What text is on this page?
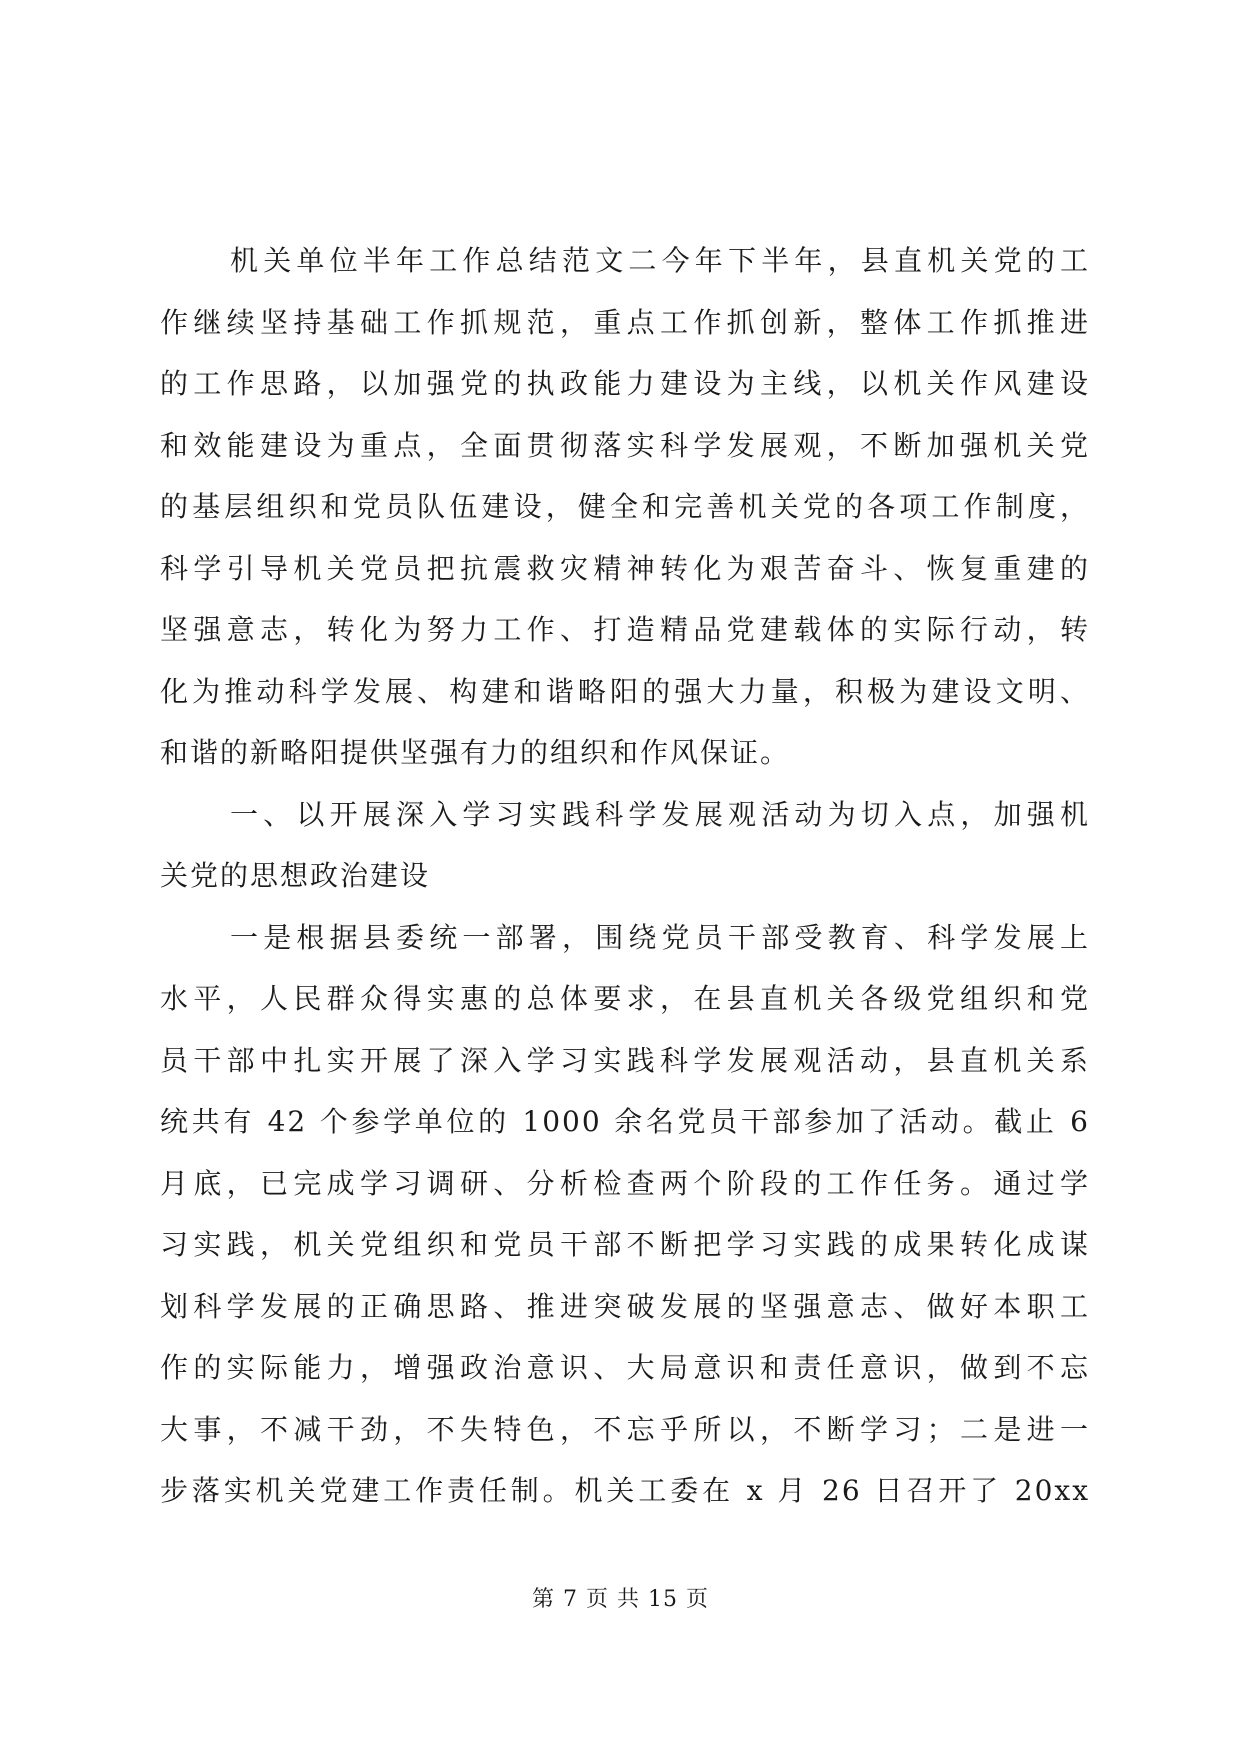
机关单位半年工作总结范文二今年下半年，县直机关党的工
作继续坚持基础工作抓规范，重点工作抓创新，整体工作抓推进
的工作思路，以加强党的执政能力建设为主线，以机关作风建设
和效能建设为重点，全面贯彻落实科学发展观，不断加强机关党
的基层组织和党员队伍建设，健全和完善机关党的各项工作制度，
科学引导机关党员把抗震救灾精神转化为艰苦奋斗、恢复重建的
坚强意志，转化为努力工作、打造精品党建载体的实际行动，转
化为推动科学发展、构建和谐略阳的强大力量，积极为建设文明、
和谐的新略阳提供坚强有力的组织和作风保证。
一、以开展深入学习实践科学发展观活动为切入点，加强机
关党的思想政治建设
一是根据县委统一部署，围绕党员干部受教育、科学发展上
水平，人民群众得实惠的总体要求，在县直机关各级党组织和党
员干部中扎实开展了深入学习实践科学发展观活动，县直机关系
统共有 42 个参学单位的 1000 余名党员干部参加了活动。截止 6
月底，已完成学习调研、分析检查两个阶段的工作任务。通过学
习实践，机关党组织和党员干部不断把学习实践的成果转化成谋
划科学发展的正确思路、推进突破发展的坚强意志、做好本职工
作的实际能力，增强政治意识、大局意识和责任意识，做到不忘
大事，不减干劲，不失特色，不忘乎所以，不断学习；二是进一
步落实机关党建工作责任制。机关工委在 x 月 26 日召开了 20xx
第 7 页 共 15 页
